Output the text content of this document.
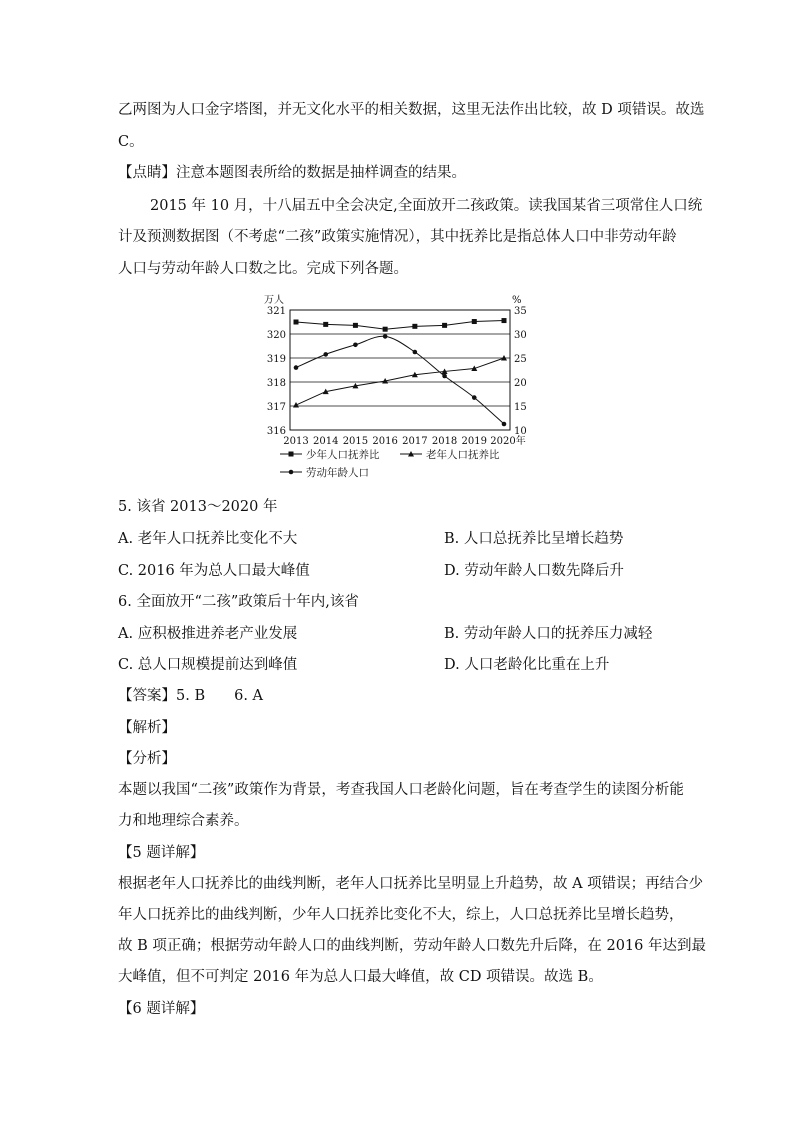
乙两图为人口金字塔图，并无文化水平的相关数据，这里无法作出比较，故 D 项错误。故选
C。
【点睛】注意本题图表所给的数据是抽样调查的结果。
2015 年 10 月，十八届五中全会决定,全面放开二孩政策。读我国某省三项常住人口统
计及预测数据图（不考虑“二孩”政策实施情况），其中抚养比是指总体人口中非劳动年龄
人口与劳动年龄人口数之比。完成下列各题。
321	35
320	30
319	25
318	20
317	15
316	10
万人	%
2013 2014 2015 2016 2017 2018 2019 2020年
少年人口抚养比	老年人口抚养比
劳动年龄人口
5. 该省 2013～2020 年
A. 老年人口抚养比变化不大	B. 人口总抚养比呈增长趋势
C. 2016 年为总人口最大峰值	D. 劳动年龄人口数先降后升
6. 全面放开“二孩”政策后十年内,该省
A. 应积极推进养老产业发展	B. 劳动年龄人口的抚养压力减轻
C. 总人口规模提前达到峰值	D. 人口老龄化比重在上升
【答案】5. B　　6. A
【解析】
【分析】
本题以我国“二孩”政策作为背景，考查我国人口老龄化问题，旨在考查学生的读图分析能
力和地理综合素养。
【5 题详解】
根据老年人口抚养比的曲线判断，老年人口抚养比呈明显上升趋势，故 A 项错误；再结合少
年人口抚养比的曲线判断，少年人口抚养比变化不大，综上，人口总抚养比呈增长趋势，
故 B 项正确；根据劳动年龄人口的曲线判断，劳动年龄人口数先升后降，在 2016 年达到最
大峰值，但不可判定 2016 年为总人口最大峰值，故 CD 项错误。故选 B。
【6 题详解】
